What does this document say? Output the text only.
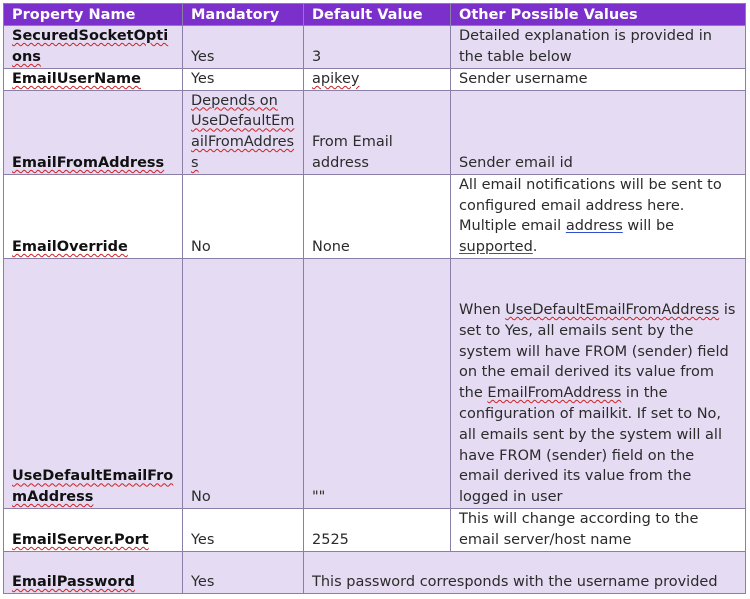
Property Name	Mandatory	Default Value	Other Possible Values
SecuredSocketOptions	Yes	3	Detailed explanation is provided in the table below
EmailUserName	Yes	apikey	Sender username
EmailFromAddress	Depends on UseDefaultEmailFromAddress	From Email address	Sender email id
EmailOverride	No	None	All email notifications will be sent to configured email address here. Multiple email address will be supported.
UseDefaultEmailFromAddress	No	""	When UseDefaultEmailFromAddress is set to Yes, all emails sent by the system will have FROM (sender) field on the email derived its value from the EmailFromAddress in the configuration of mailkit. If set to No, all emails sent by the system will all have FROM (sender) field on the email derived its value from the logged in user
EmailServer.Port	Yes	2525	This will change according to the email server/host name
EmailPassword	Yes	This password corresponds with the username provided	
